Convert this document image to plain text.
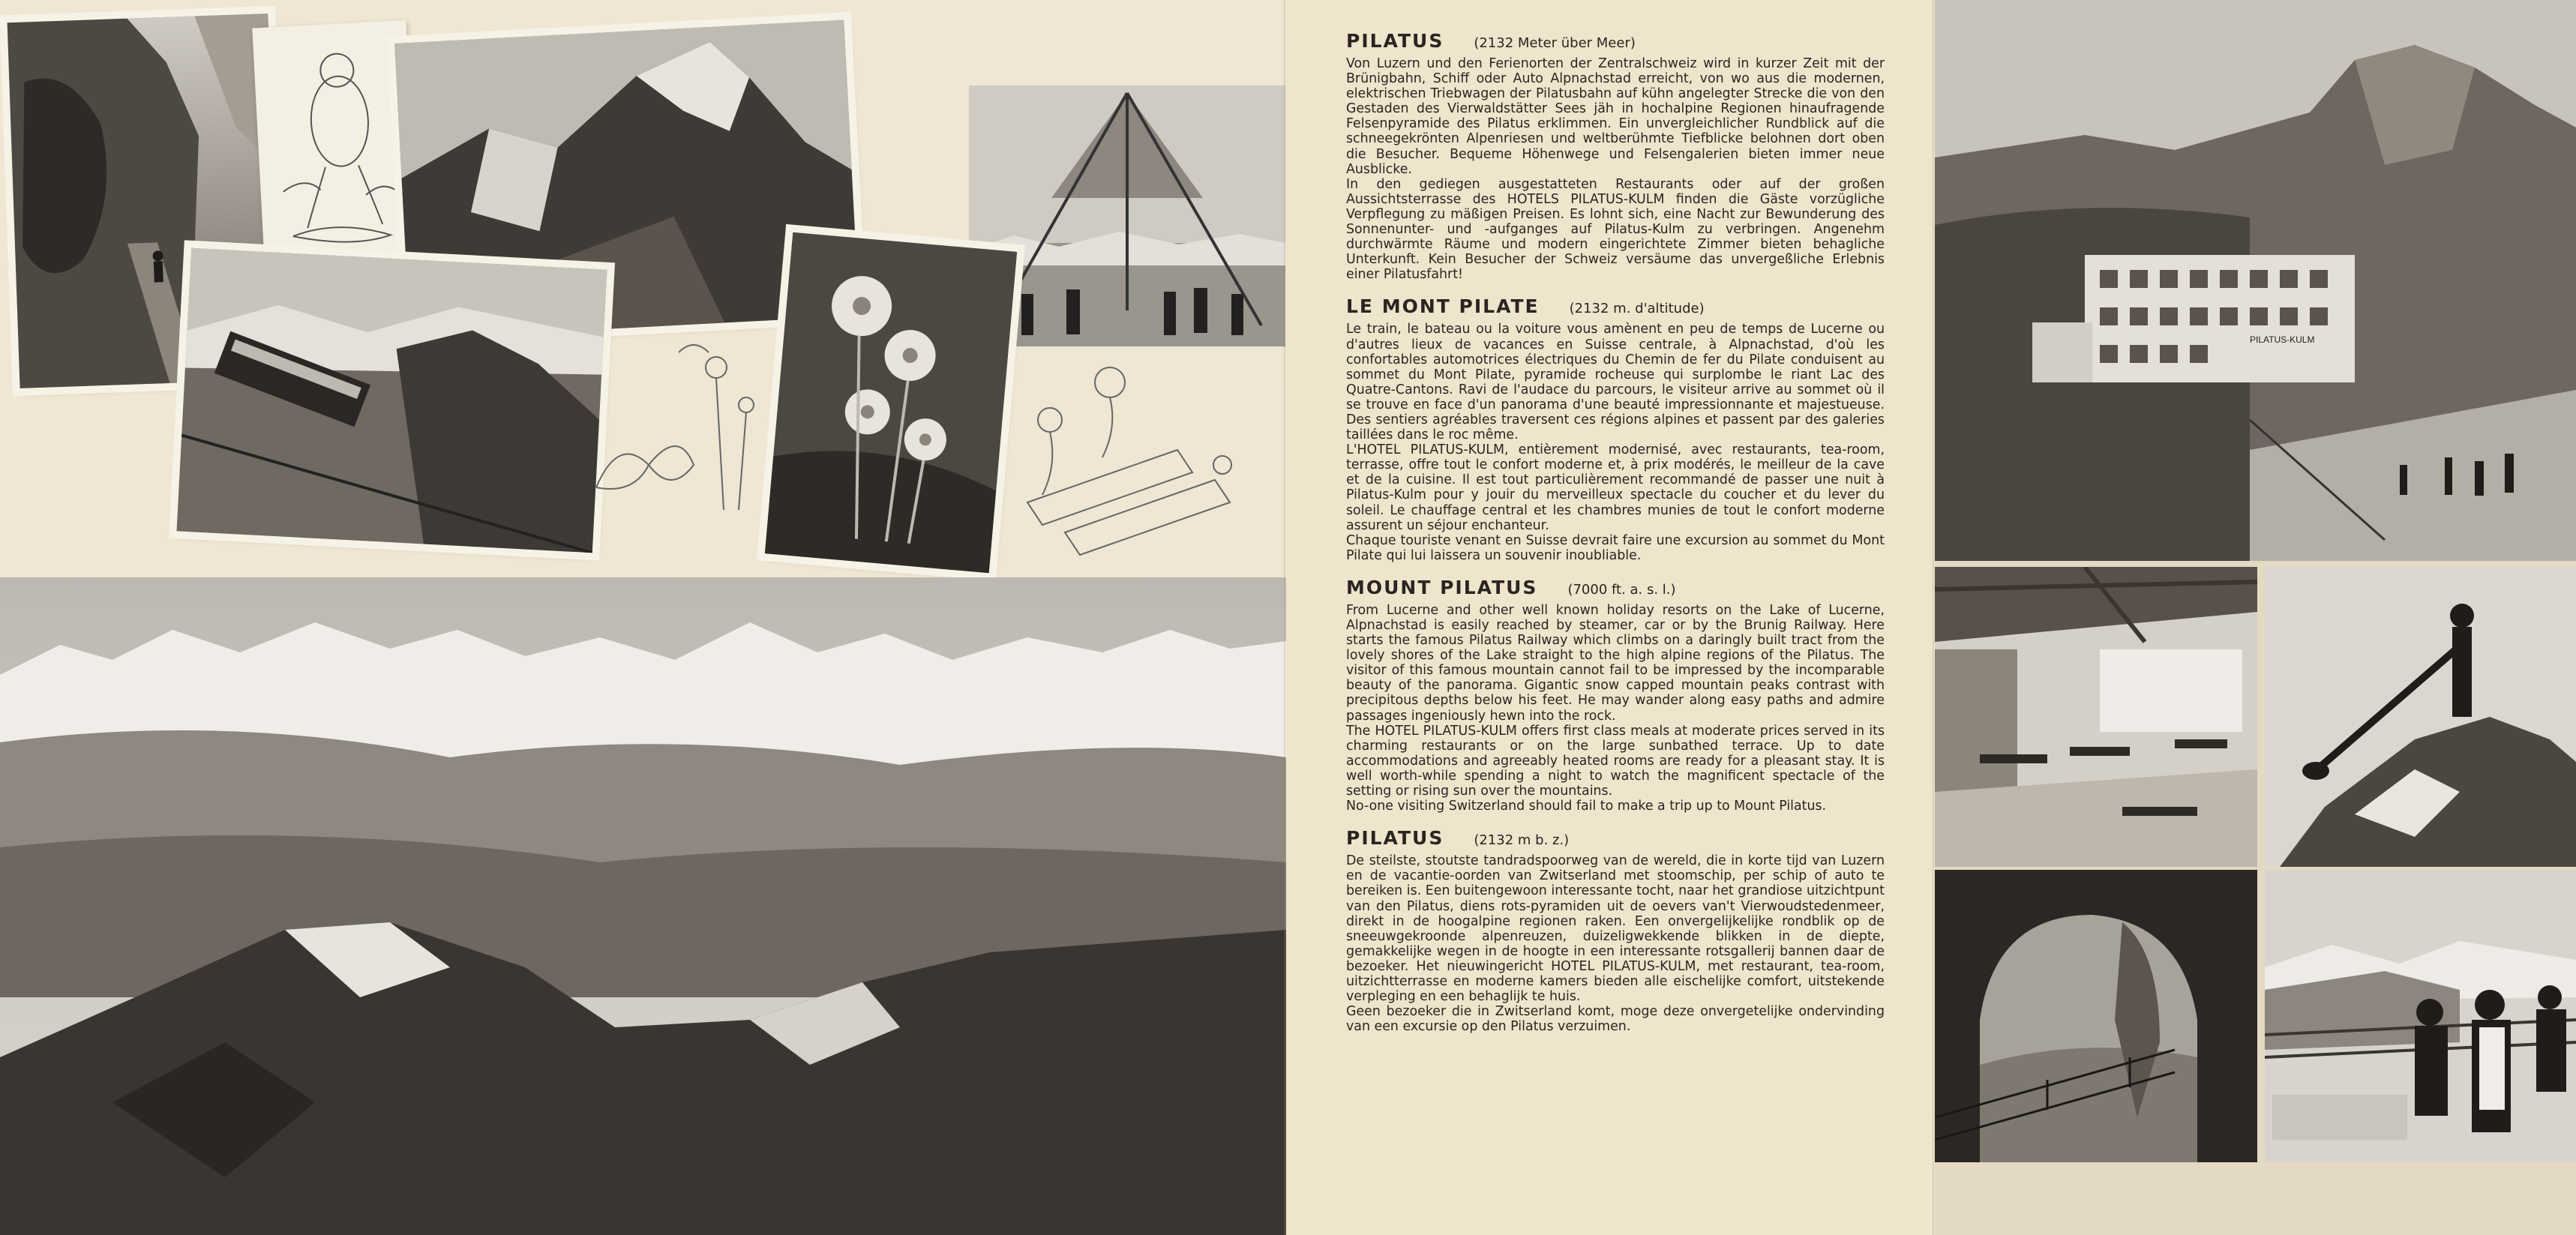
PILATUS (2132 Meter über Meer)

Von Luzern und den Ferienorten der Zentralschweiz wird in kurzer Zeit mit der Brünigbahn, Schiff oder Auto Alpnachstad erreicht, von wo aus die modernen, elektrischen Triebwagen der Pilatusbahn auf kühn angelegter Strecke die von den Gestaden des Vierwaldstätter Sees jäh in hochalpine Regionen hinaufragende Felsenpyramide des Pilatus erklimmen. Ein unvergleichlicher Rundblick auf die schneegekrönten Alpenriesen und weltberühmte Tiefblicke belohnen dort oben die Besucher. Bequeme Höhenwege und Felsengalerien bieten immer neue Ausblicke.

In den gediegen ausgestatteten Restaurants oder auf der großen Aussichtsterrasse des HOTELS PILATUS-KULM finden die Gäste vorzügliche Verpflegung zu mäßigen Preisen. Es lohnt sich, eine Nacht zur Bewunderung des Sonnenunter- und -aufganges auf Pilatus-Kulm zu verbringen. Angenehm durchwärmte Räume und modern eingerichtete Zimmer bieten behagliche Unterkunft. Kein Besucher der Schweiz versäume das unvergeßliche Erlebnis einer Pilatusfahrt!

LE MONT PILATE (2132 m. d'altitude)

Le train, le bateau ou la voiture vous amènent en peu de temps de Lucerne ou d'autres lieux de vacances en Suisse centrale, à Alpnachstad, d'où les confortables automotrices électriques du Chemin de fer du Pilate conduisent au sommet du Mont Pilate, pyramide rocheuse qui surplombe le riant Lac des Quatre-Cantons. Ravi de l'audace du parcours, le visiteur arrive au sommet où il se trouve en face d'un panorama d'une beauté impressionnante et majestueuse. Des sentiers agréables traversent ces régions alpines et passent par des galeries taillées dans le roc même.

L'HOTEL PILATUS-KULM, entièrement modernisé, avec restaurants, tea-room, terrasse, offre tout le confort moderne et, à prix modérés, le meilleur de la cave et de la cuisine. Il est tout particulièrement recommandé de passer une nuit à Pilatus-Kulm pour y jouir du merveilleux spectacle du coucher et du lever du soleil. Le chauffage central et les chambres munies de tout le confort moderne assurent un séjour enchanteur.

Chaque touriste venant en Suisse devrait faire une excursion au sommet du Mont Pilate qui lui laissera un souvenir inoubliable.

MOUNT PILATUS (7000 ft. a. s. l.)

From Lucerne and other well known holiday resorts on the Lake of Lucerne, Alpnachstad is easily reached by steamer, car or by the Brunig Railway. Here starts the famous Pilatus Railway which climbs on a daringly built tract from the lovely shores of the Lake straight to the high alpine regions of the Pilatus. The visitor of this famous mountain cannot fail to be impressed by the incomparable beauty of the panorama. Gigantic snow capped mountain peaks contrast with precipitous depths below his feet. He may wander along easy paths and admire passages ingeniously hewn into the rock.

The HOTEL PILATUS-KULM offers first class meals at moderate prices served in its charming restaurants or on the large sunbathed terrace. Up to date accommodations and agreeably heated rooms are ready for a pleasant stay. It is well worth-while spending a night to watch the magnificent spectacle of the setting or rising sun over the mountains.

No-one visiting Switzerland should fail to make a trip up to Mount Pilatus.

PILATUS (2132 m b. z.)

De steilste, stoutste tandradspoorweg van de wereld, die in korte tijd van Luzern en de vacantie-oorden van Zwitserland met stoomschip, per schip of auto te bereiken is. Een buitengewoon interessante tocht, naar het grandiose uitzichtpunt van den Pilatus, diens rots-pyramiden uit de oevers van't Vierwoudstedenmeer, direkt in de hoogalpine regionen raken. Een onvergelijkelijke rondblik op de sneeuwgekroonde alpenreuzen, duizeligwekkende blikken in de diepte, gemakkelijke wegen in de hoogte in een interessante rotsgallerij bannen daar de bezoeker. Het nieuwingericht HOTEL PILATUS-KULM, met restaurant, tea-room, uitzichtterrasse en moderne kamers bieden alle eischelijke comfort, uitstekende verpleging en een behaglijk te huis.

Geen bezoeker die in Zwitserland komt, moge deze onvergetelijke ondervinding van een excursie op den Pilatus verzuimen.

PILATUS-KULM
